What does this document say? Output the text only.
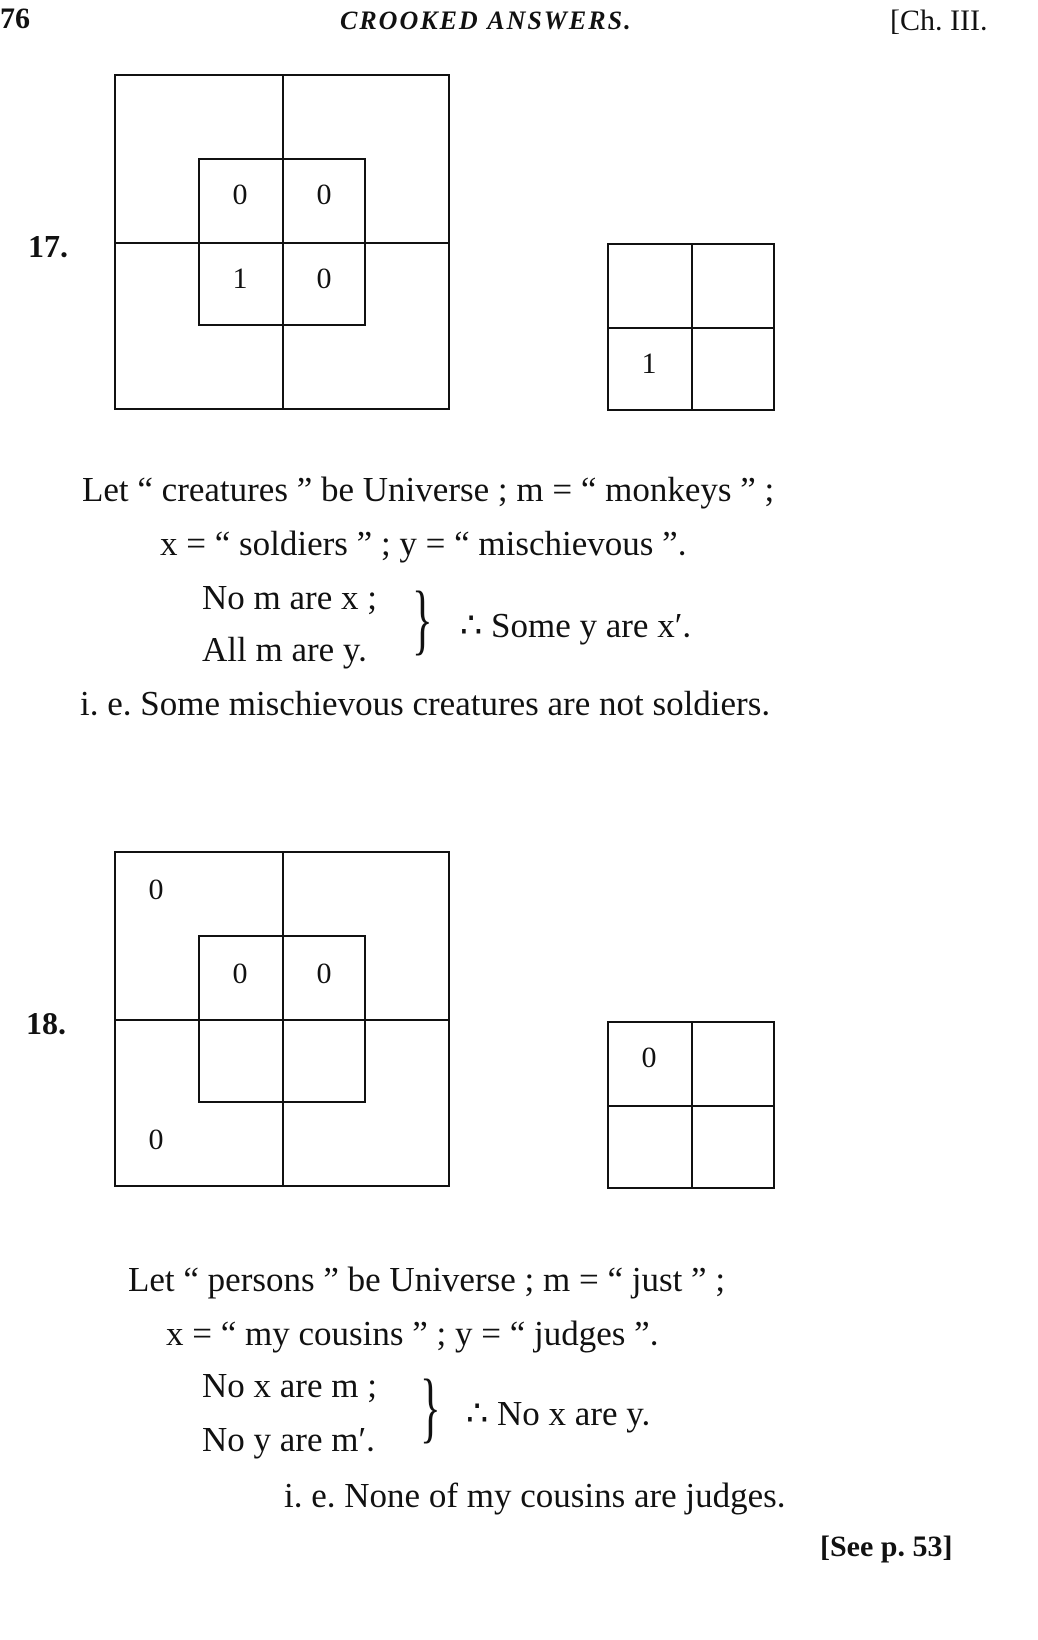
76	CROOKED ANSWERS.	[Ch. III.
17.
0	0
1	0
1
Let “ creatures ” be Universe ; m = “ monkeys ” ;
x = “ soldiers ” ; y = “ mischievous ”.
No m are x ;
All m are y. } ∴ Some y are x′.
i. e. Some mischievous creatures are not soldiers.
18.
0
0	0
0
0
Let “ persons ” be Universe ; m = “ just ” ;
x = “ my cousins ” ; y = “ judges ”.
No x are m ;
No y are m′. } ∴ No x are y.
i. e. None of my cousins are judges.
[See p. 53]
